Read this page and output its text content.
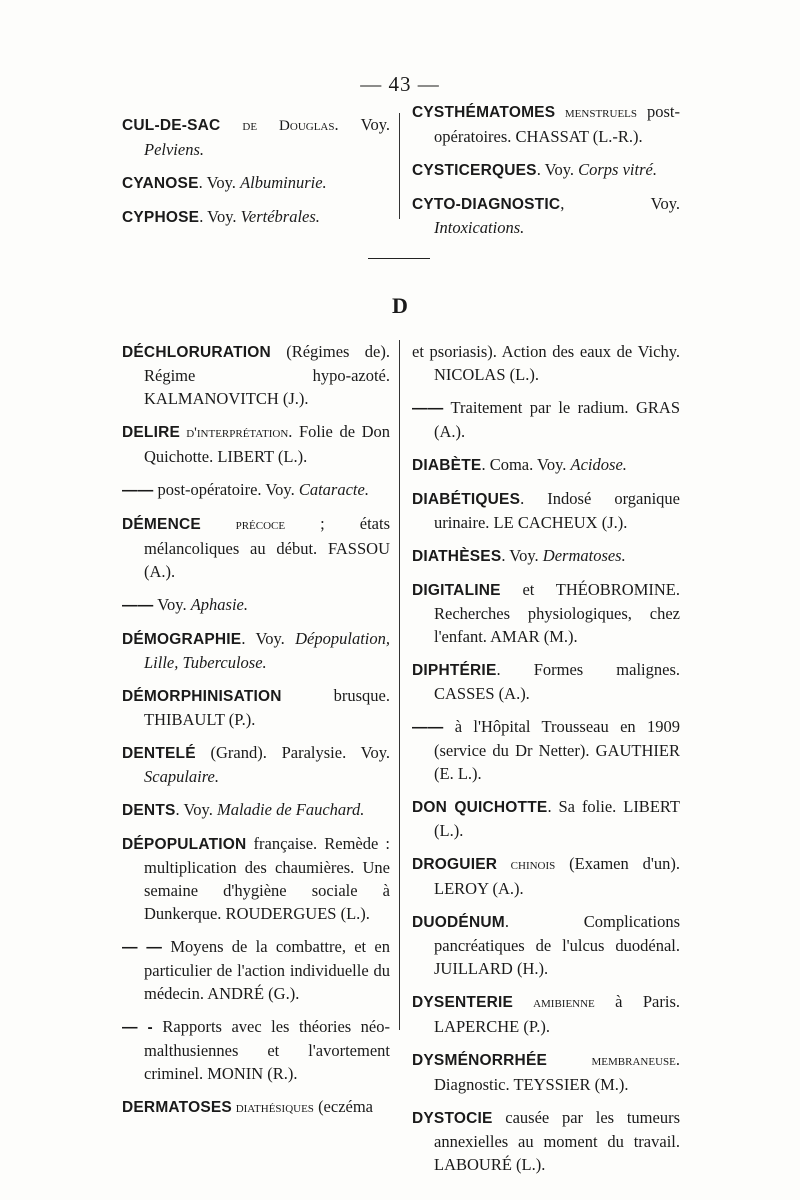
— 43 —

CUL-DE-SAC de Douglas. Voy. Pelviens.

CYANOSE. Voy. Albuminurie.

CYPHOSE. Voy. Vertébrales.

CYSTHÉMATOMES menstruels post-opératoires. CHASSAT (L.-R.).

CYSTICERQUES. Voy. Corps vitré.

CYTO-DIAGNOSTIC, Voy. Intoxications.

D

DÉCHLORURATION (Régimes de). Régime hypo-azoté. KALMANOVITCH (J.).

DELIRE d'interprétation. Folie de Don Quichotte. LIBERT (L.).

—— post-opératoire. Voy. Cataracte.

DÉMENCE précoce ; états mélancoliques au début. FASSOU (A.).

—— Voy. Aphasie.

DÉMOGRAPHIE. Voy. Dépopulation, Lille, Tuberculose.

DÉMORPHINISATION brusque. THIBAULT (P.).

DENTELÉ (Grand). Paralysie. Voy. Scapulaire.

DENTS. Voy. Maladie de Fauchard.

DÉPOPULATION française. Remède : multiplication des chaumières. Une semaine d'hygiène sociale à Dunkerque. ROUDERGUES (L.).

— — Moyens de la combattre, et en particulier de l'action individuelle du médecin. ANDRÉ (G.).

— - Rapports avec les théories néo-malthusiennes et l'avortement criminel. MONIN (R.).

DERMATOSES diathésiques (eczéma

et psoriasis). Action des eaux de Vichy. NICOLAS (L.).

—— Traitement par le radium. GRAS (A.).

DIABÈTE. Coma. Voy. Acidose.

DIABÉTIQUES. Indosé organique urinaire. LE CACHEUX (J.).

DIATHÈSES. Voy. Dermatoses.

DIGITALINE et THÉOBROMINE. Recherches physiologiques, chez l'enfant. AMAR (M.).

DIPHTÉRIE. Formes malignes. CASSES (A.).

—— à l'Hôpital Trousseau en 1909 (service du Dr Netter). GAUTHIER (E. L.).

DON QUICHOTTE. Sa folie. LIBERT (L.).

DROGUIER chinois (Examen d'un). LEROY (A.).

DUODÉNUM. Complications pancréatiques de l'ulcus duodénal. JUILLARD (H.).

DYSENTERIE amibienne à Paris. LAPERCHE (P.).

DYSMÉNORRHÉE membraneuse. Diagnostic. TEYSSIER (M.).

DYSTOCIE causée par les tumeurs annexielles au moment du travail. LABOURÉ (L.).
